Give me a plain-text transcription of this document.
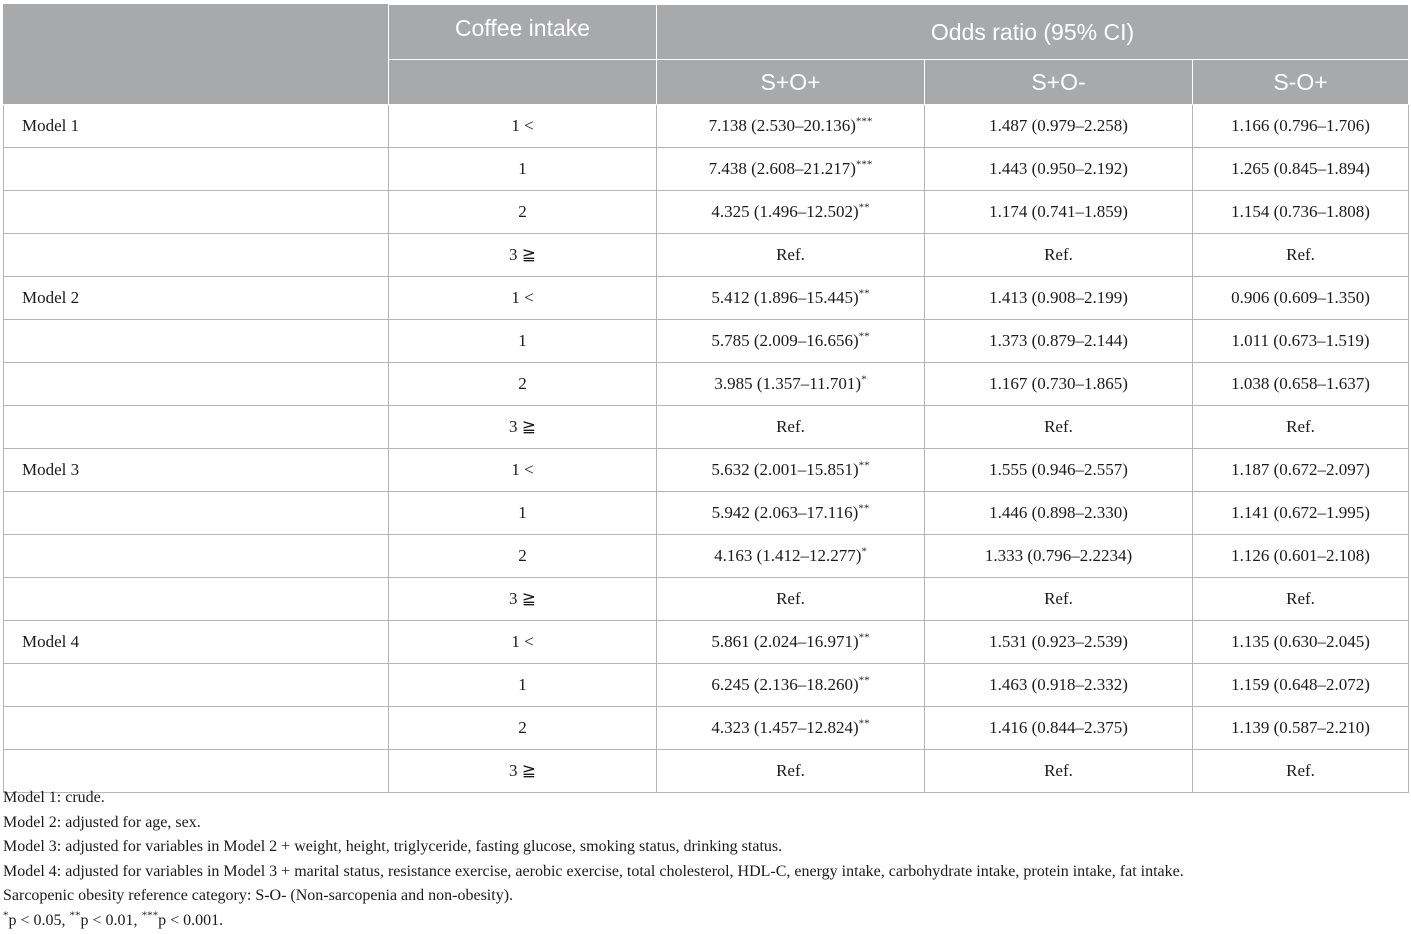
	Coffee intake	Odds ratio (95% CI)		
		S+O+	S+O-	S-O+
Model 1	1 <	7.138 (2.530–20.136)***	1.487 (0.979–2.258)	1.166 (0.796–1.706)
	1	7.438 (2.608–21.217)***	1.443 (0.950–2.192)	1.265 (0.845–1.894)
	2	4.325 (1.496–12.502)**	1.174 (0.741–1.859)	1.154 (0.736–1.808)
	3 ≧	Ref.	Ref.	Ref.
Model 2	1 <	5.412 (1.896–15.445)**	1.413 (0.908–2.199)	0.906 (0.609–1.350)
	1	5.785 (2.009–16.656)**	1.373 (0.879–2.144)	1.011 (0.673–1.519)
	2	3.985 (1.357–11.701)*	1.167 (0.730–1.865)	1.038 (0.658–1.637)
	3 ≧	Ref.	Ref.	Ref.
Model 3	1 <	5.632 (2.001–15.851)**	1.555 (0.946–2.557)	1.187 (0.672–2.097)
	1	5.942 (2.063–17.116)**	1.446 (0.898–2.330)	1.141 (0.672–1.995)
	2	4.163 (1.412–12.277)*	1.333 (0.796–2.2234)	1.126 (0.601–2.108)
	3 ≧	Ref.	Ref.	Ref.
Model 4	1 <	5.861 (2.024–16.971)**	1.531 (0.923–2.539)	1.135 (0.630–2.045)
	1	6.245 (2.136–18.260)**	1.463 (0.918–2.332)	1.159 (0.648–2.072)
	2	4.323 (1.457–12.824)**	1.416 (0.844–2.375)	1.139 (0.587–2.210)
	3 ≧	Ref.	Ref.	Ref.
Model 1: crude.
Model 2: adjusted for age, sex.
Model 3: adjusted for variables in Model 2 + weight, height, triglyceride, fasting glucose, smoking status, drinking status.
Model 4: adjusted for variables in Model 3 + marital status, resistance exercise, aerobic exercise, total cholesterol, HDL-C, energy intake, carbohydrate intake, protein intake, fat intake.
Sarcopenic obesity reference category: S-O- (Non-sarcopenia and non-obesity).
*p < 0.05, **p < 0.01, ***p < 0.001.
